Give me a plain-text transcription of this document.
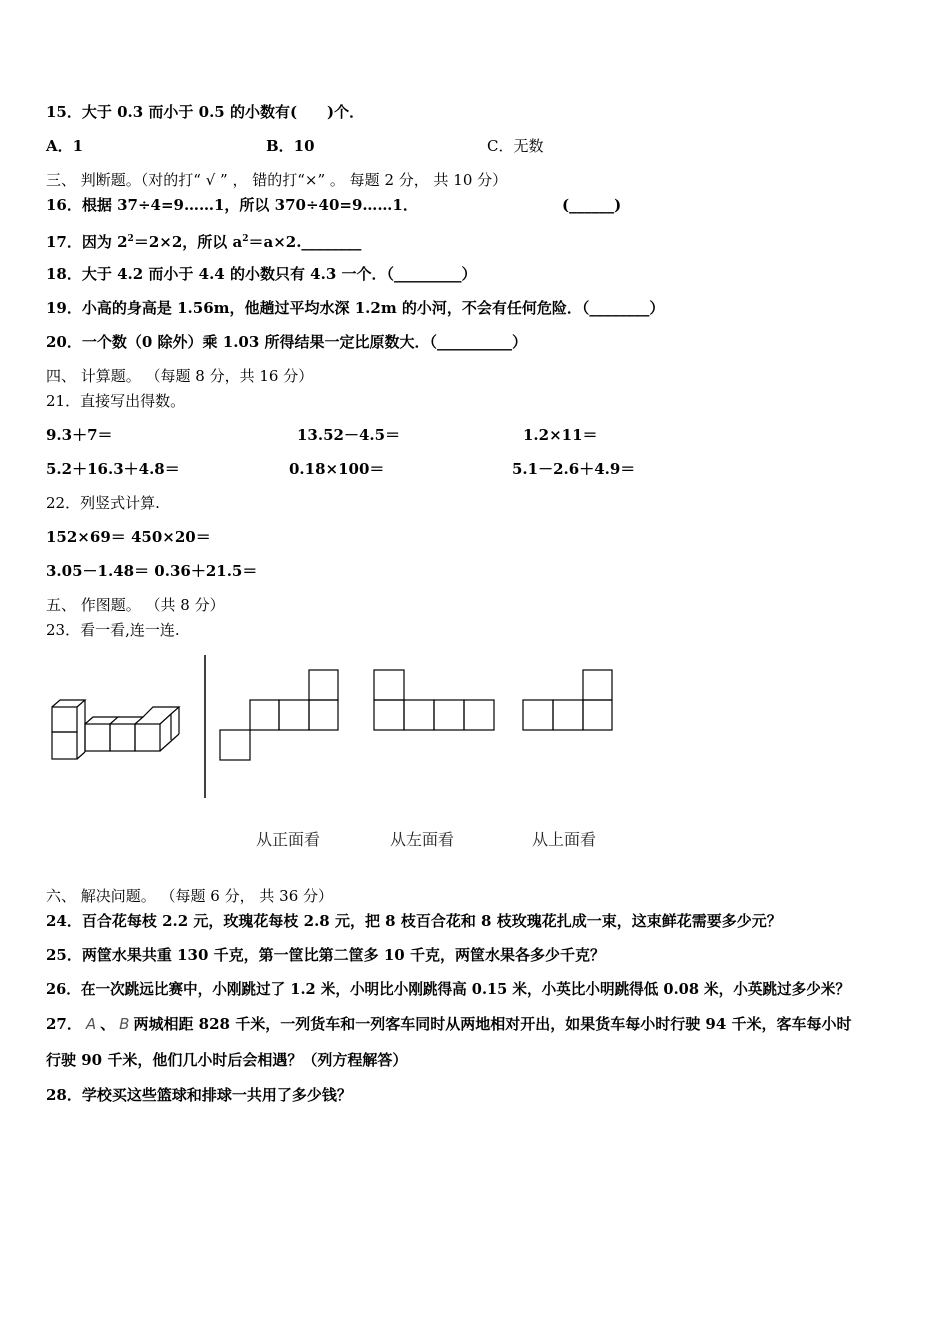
15．大于 0.3 而小于 0.5 的小数有(　　)个．
A．1	B．10	C．无数
三、 判断题。（对的打“ √ ” ， 错的打“×” 。 每题 2 分， 共 10 分）
16．根据 37÷4=9……1，所以 370÷40=9……1．	(______)
17．因为 $2^2=2\times 2$，所以 $a^2=a\times 2.\_\_\_\_\_\_\_\_$
18．大于 4.2 而小于 4.4 的小数只有 4.3 一个．（_________）
19．小高的身高是 1.56m，他趟过平均水深 1.2m 的小河，不会有任何危险．（________）
20．一个数（0 除外）乘 1.03 所得结果一定比原数大．（__________）
四、 计算题。 （每题 8 分，共 16 分）
21．直接写出得数。
9.3＋7＝	13.52－4.5＝	1.2×11＝
5.2＋16.3＋4.8＝	0.18×100＝	5.1－2.6＋4.9＝
22．列竖式计算.
152×69＝ 450×20＝
3.05－1.48＝ 0.36＋21.5＝
五、 作图题。 （共 8 分）
23．看一看,连一连.
从正面看	从左面看	从上面看
六、 解决问题。 （每题 6 分， 共 36 分）
24．百合花每枝 2.2 元，玫瑰花每枝 2.8 元，把 8 枝百合花和 8 枝玫瑰花扎成一束，这束鲜花需要多少元？
25．两筐水果共重 130 千克，第一筐比第二筐多 10 千克，两筐水果各多少千克？
26．在一次跳远比赛中，小刚跳过了 1.2 米，小明比小刚跳得高 0.15 米，小英比小明跳得低 0.08 米，小英跳过多少米？
27． A 、 B 两城相距 828 千米，一列货车和一列客车同时从两地相对开出，如果货车每小时行驶 94 千米，客车每小时
行驶 90 千米，他们几小时后会相遇？（列方程解答）
28．学校买这些篮球和排球一共用了多少钱？
